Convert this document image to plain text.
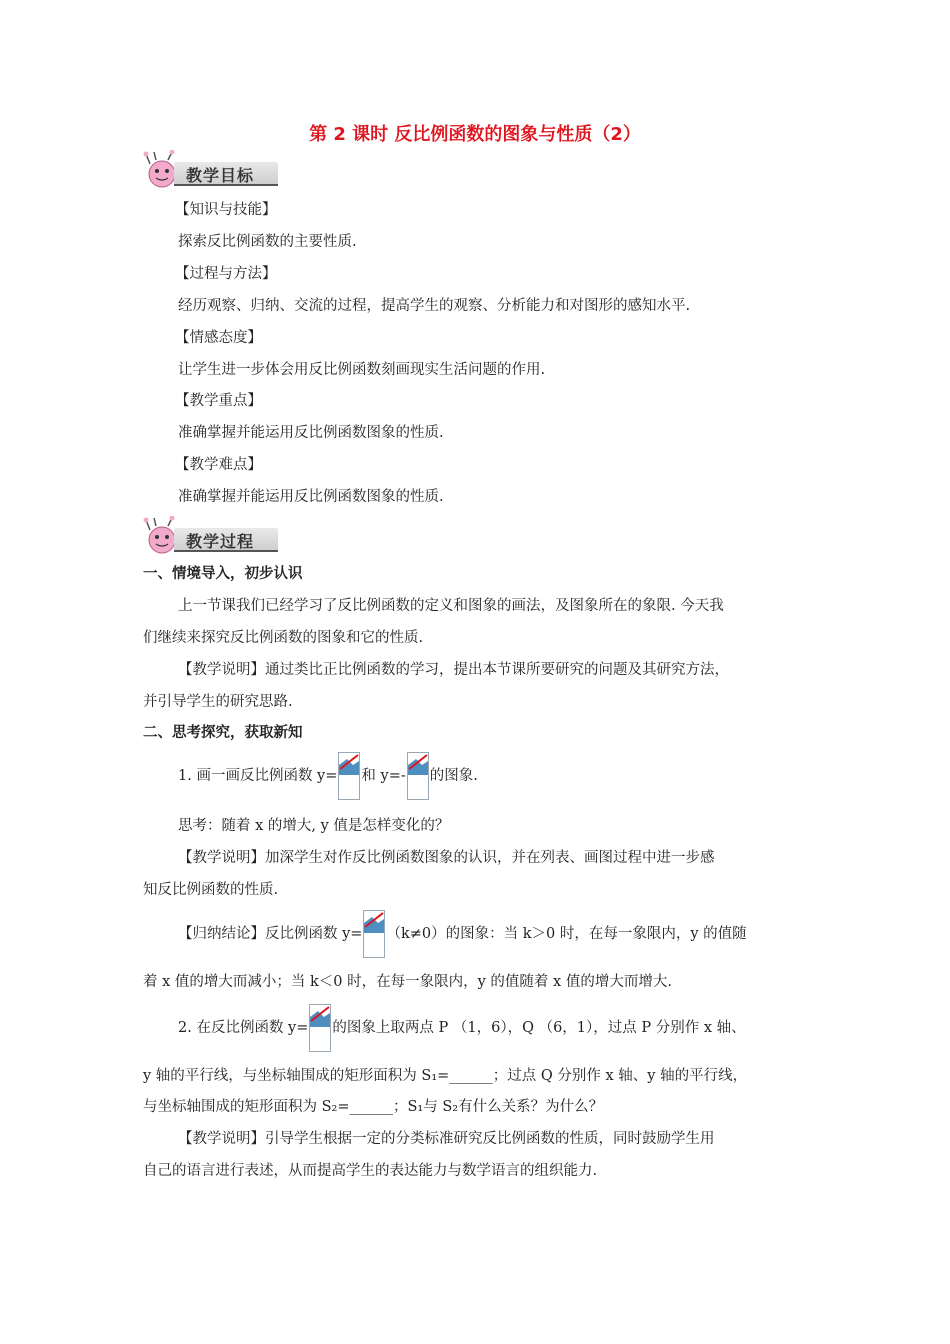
第 2 课时 反比例函数的图象与性质（2）
教学目标
【知识与技能】
探索反比例函数的主要性质.
【过程与方法】
经历观察、归纳、交流的过程，提高学生的观察、分析能力和对图形的感知水平.
【情感态度】
让学生进一步体会用反比例函数刻画现实生活问题的作用.
【教学重点】
准确掌握并能运用反比例函数图象的性质.
【教学难点】
准确掌握并能运用反比例函数图象的性质.
教学过程
一、情境导入，初步认识
上一节课我们已经学习了反比例函数的定义和图象的画法，及图象所在的象限. 今天我
们继续来探究反比例函数的图象和它的性质.
【教学说明】通过类比正比例函数的学习，提出本节课所要研究的问题及其研究方法，
并引导学生的研究思路.
二、思考探究，获取新知
1. 画一画反比例函数 y= 和 y=- 的图象.
思考：随着 x 的增大, y 值是怎样变化的？
【教学说明】加深学生对作反比例函数图象的认识，并在列表、画图过程中进一步感
知反比例函数的性质.
【归纳结论】反比例函数 y= （k≠0）的图象：当 k＞0 时，在每一象限内，y 的值随
着 x 值的增大而减小；当 k＜0 时，在每一象限内，y 的值随着 x 值的增大而增大.
2. 在反比例函数 y= 的图象上取两点 P （1，6），Q （6，1），过点 P 分别作 x 轴、
y 轴的平行线，与坐标轴围成的矩形面积为 S₁=______；过点 Q 分别作 x 轴、y 轴的平行线，
与坐标轴围成的矩形面积为 S₂=______；S₁与 S₂有什么关系？为什么？
【教学说明】引导学生根据一定的分类标准研究反比例函数的性质，同时鼓励学生用
自己的语言进行表述，从而提高学生的表达能力与数学语言的组织能力.
